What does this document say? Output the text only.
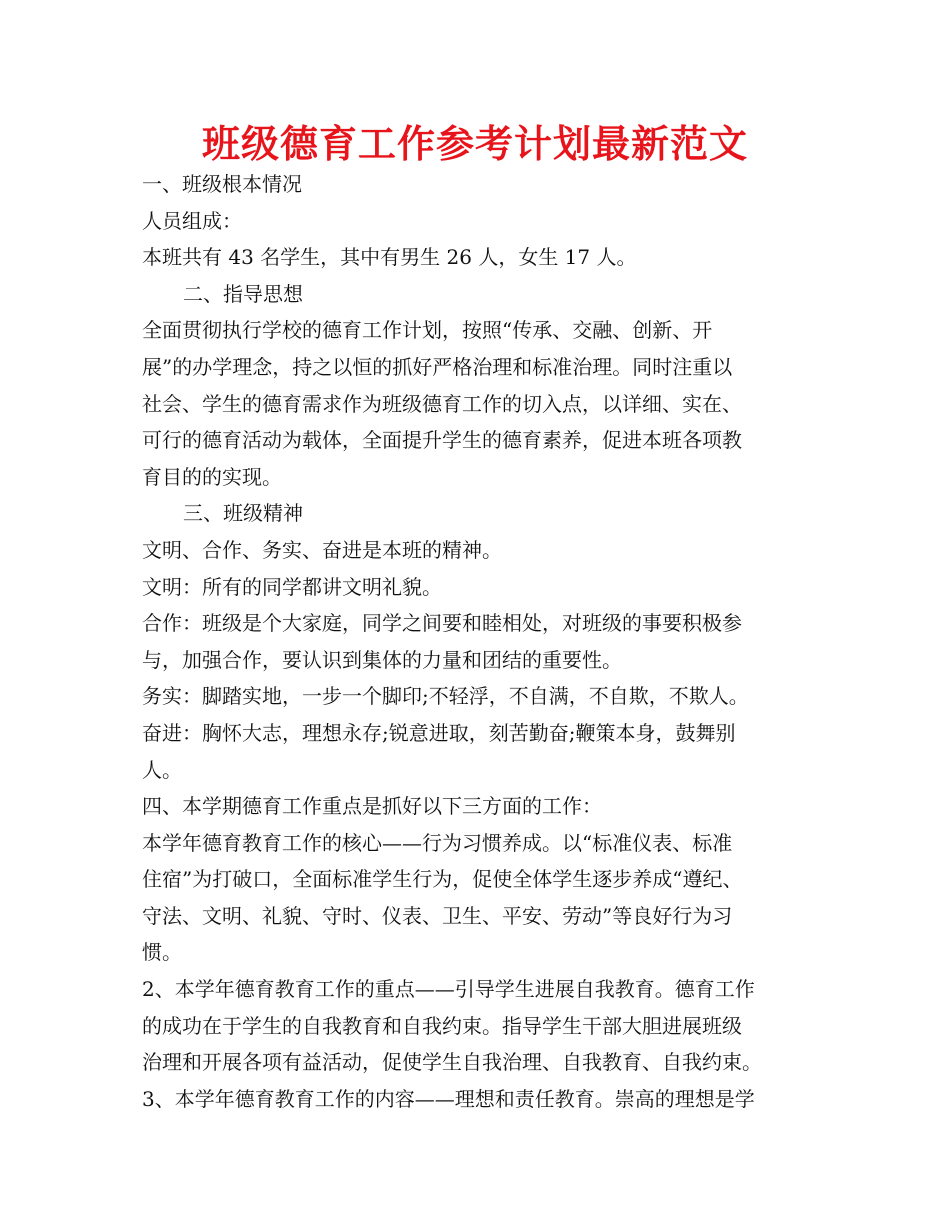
班级德育工作参考计划最新范文
一、班级根本情况
人员组成：
本班共有 43 名学生，其中有男生 26 人，女生 17 人。
二、指导思想
全面贯彻执行学校的德育工作计划，按照“传承、交融、创新、开
展”的办学理念，持之以恒的抓好严格治理和标准治理。同时注重以
社会、学生的德育需求作为班级德育工作的切入点，以详细、实在、
可行的德育活动为载体，全面提升学生的德育素养，促进本班各项教
育目的的实现。
三、班级精神
文明、合作、务实、奋进是本班的精神。
文明：所有的同学都讲文明礼貌。
合作：班级是个大家庭，同学之间要和睦相处，对班级的事要积极参
与，加强合作，要认识到集体的力量和团结的重要性。
务实：脚踏实地，一步一个脚印;不轻浮，不自满，不自欺，不欺人。
奋进：胸怀大志，理想永存;锐意进取，刻苦勤奋;鞭策本身，鼓舞别
人。
四、本学期德育工作重点是抓好以下三方面的工作：
本学年德育教育工作的核心——行为习惯养成。以“标准仪表、标准
住宿”为打破口，全面标准学生行为，促使全体学生逐步养成“遵纪、
守法、文明、礼貌、守时、仪表、卫生、平安、劳动”等良好行为习
惯。
2、本学年德育教育工作的重点——引导学生进展自我教育。德育工作
的成功在于学生的自我教育和自我约束。指导学生干部大胆进展班级
治理和开展各项有益活动，促使学生自我治理、自我教育、自我约束。
3、本学年德育教育工作的内容——理想和责任教育。崇高的理想是学
